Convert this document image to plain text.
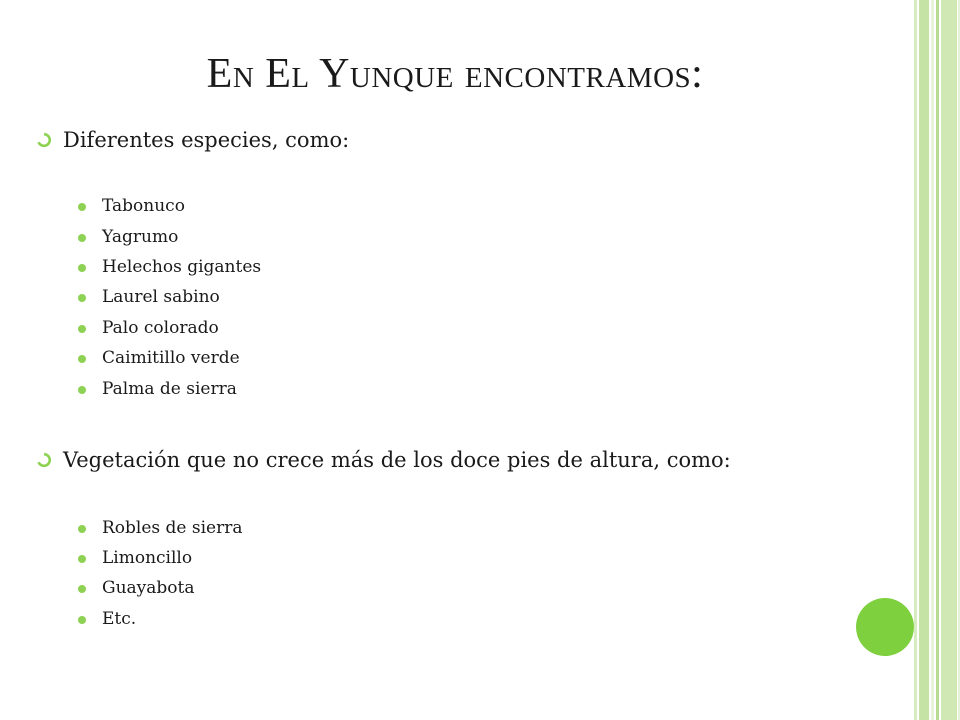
En El Yunque encontramos:
Diferentes especies, como:
Tabonuco
Yagrumo
Helechos gigantes
Laurel sabino
Palo colorado
Caimitillo verde
Palma de sierra
Vegetación que no crece más de los doce pies de altura, como:
Robles de sierra
Limoncillo
Guayabota
Etc.
